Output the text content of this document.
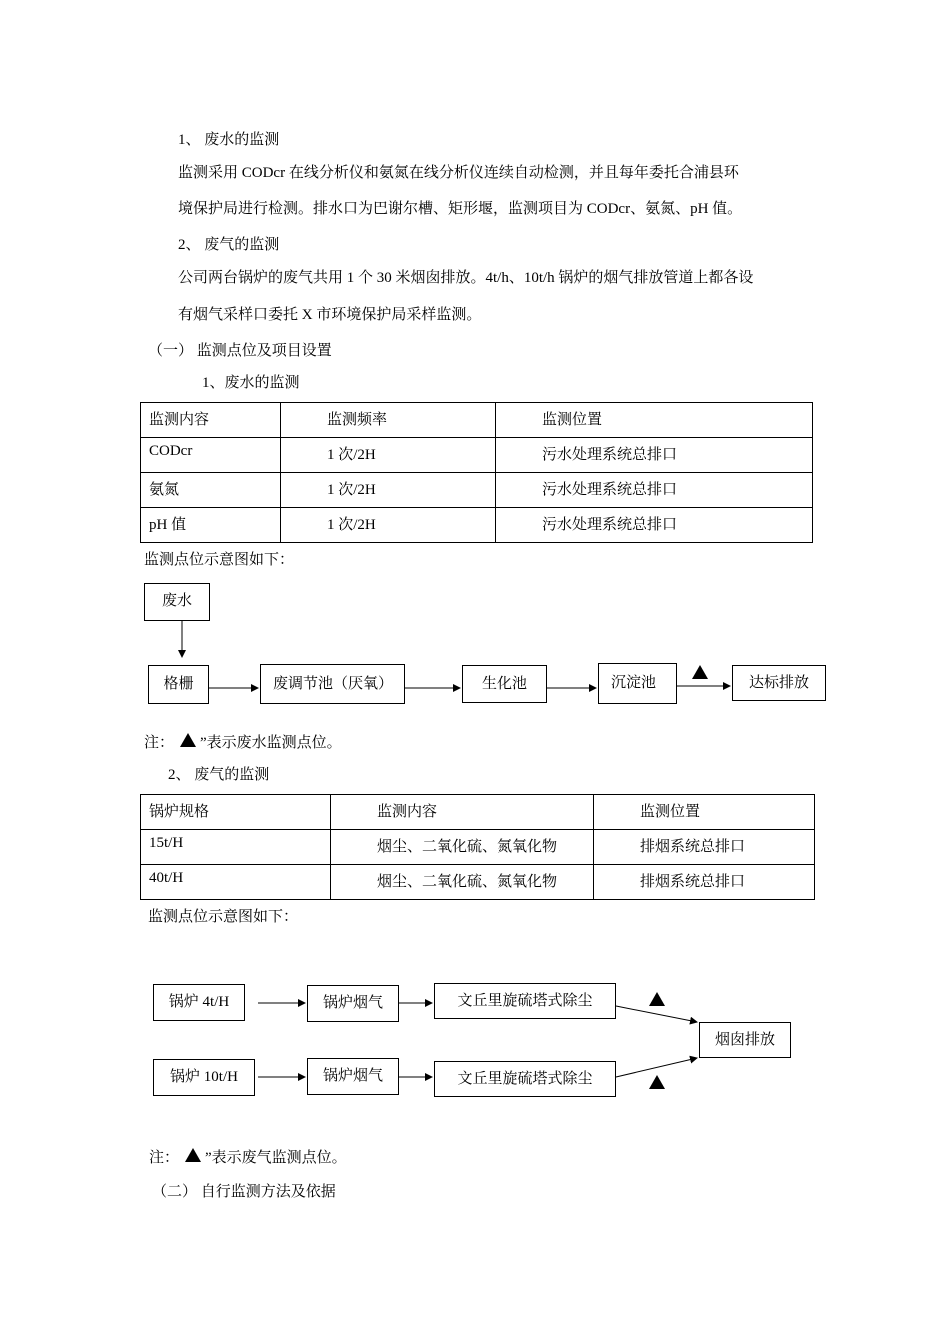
1、 废水的监测
监测采用 CODcr 在线分析仪和氨氮在线分析仪连续自动检测，并且每年委托合浦县环
境保护局进行检测。排水口为巴谢尔槽、矩形堰，监测项目为 CODcr、氨氮、pH 值。
2、 废气的监测
公司两台锅炉的废气共用 1 个 30 米烟囱排放。4t/h、10t/h 锅炉的烟气排放管道上都各设
有烟气采样口委托 X 市环境保护局采样监测。
（一） 监测点位及项目设置
1、废水的监测
监测内容	监测频率	监测位置

CODcr	1 次/2H	污水处理系统总排口

氨氮	1 次/2H	污水处理系统总排口

pH 值	1 次/2H	污水处理系统总排口
监测点位示意图如下：
废水
格栅	废调节池（厌氧）	生化池	沉淀池	达标排放
注： ”表示废水监测点位。
2、 废气的监测
锅炉规格	监测内容	监测位置

15t/H	烟尘、二氧化硫、氮氧化物	排烟系统总排口

40t/H	烟尘、二氧化硫、氮氧化物	排烟系统总排口
监测点位示意图如下：
锅炉 4t/H	锅炉烟气	文丘里旋硫塔式除尘
锅炉 10t/H	锅炉烟气	文丘里旋硫塔式除尘
烟囱排放
注： ”表示废气监测点位。
（二） 自行监测方法及依据
